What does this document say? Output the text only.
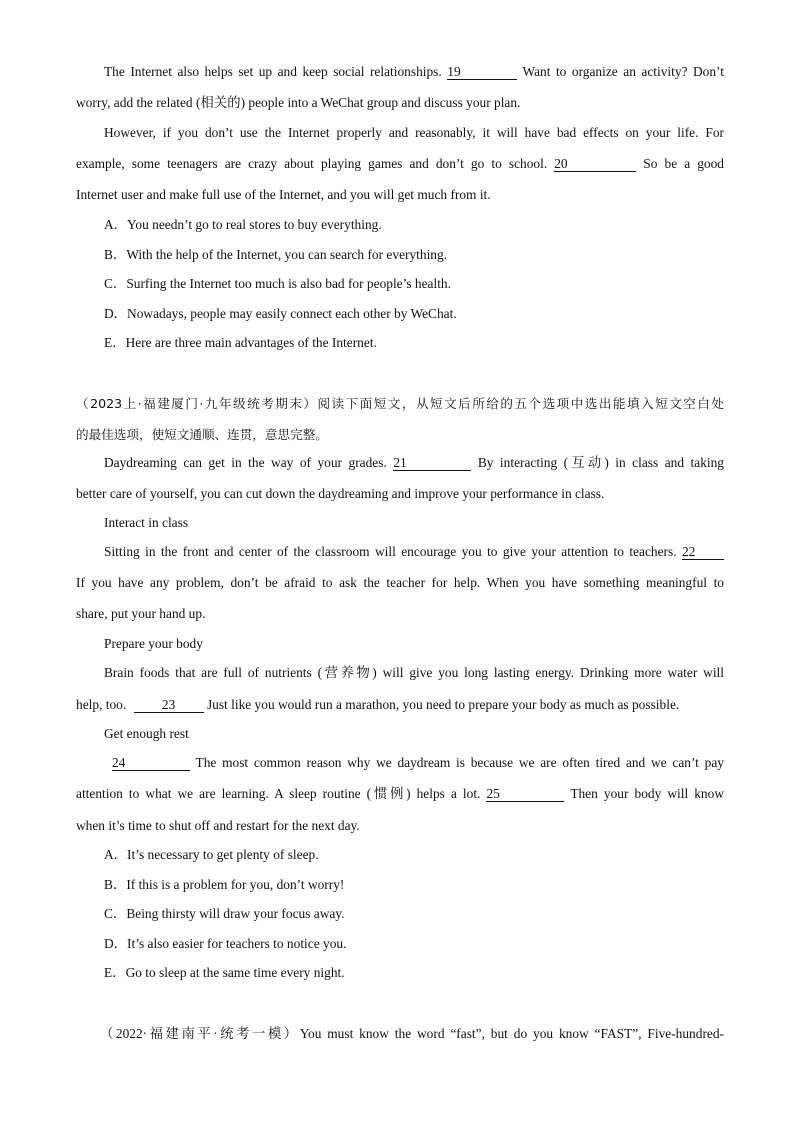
The Internet also helps set up and keep social relationships. 19	Want to organize an activity? Don’t
worry, add the related (相关的) people into a WeChat group and discuss your plan.
However, if you don’t use the Internet properly and reasonably, it will have bad effects on your life. For
example, some teenagers are crazy about playing games and don’t go to school. 20	So be a good
Internet user and make full use of the Internet, and you will get much from it.
A．You needn’t go to real stores to buy everything.
B．With the help of the Internet, you can search for everything.
C．Surfing the Internet too much is also bad for people’s health.
D．Nowadays, people may easily connect each other by WeChat.
E．Here are three main advantages of the Internet.
（2023上·福建厦门·九年级统考期末）阅读下面短文，从短文后所给的五个选项中选出能填入短文空白处
的最佳选项，使短文通顺、连贯，意思完整。
Daydreaming can get in the way of your grades. 21	By interacting (互动) in class and taking
better care of yourself, you can cut down the daydreaming and improve your performance in class.
Interact in class
Sitting in the front and center of the classroom will encourage you to give your attention to teachers. 22
If you have any problem, don’t be afraid to ask the teacher for help. When you have something meaningful to
share, put your hand up.
Prepare your body
Brain foods that are full of nutrients (营养物) will give you long lasting energy. Drinking more water will
help, too.	23 Just like you would run a marathon, you need to prepare your body as much as possible.
Get enough rest
24	The most common reason why we daydream is because we are often tired and we can’t pay
attention to what we are learning. A sleep routine (惯例) helps a lot. 25	Then your body will know
when it’s time to shut off and restart for the next day.
A．It’s necessary to get plenty of sleep.
B．If this is a problem for you, don’t worry!
C．Being thirsty will draw your focus away.
D．It’s also easier for teachers to notice you.
E．Go to sleep at the same time every night.
（2022·福建南平·统考一模）You must know the word “fast”, but do you know “FAST”, Five-hundred-
